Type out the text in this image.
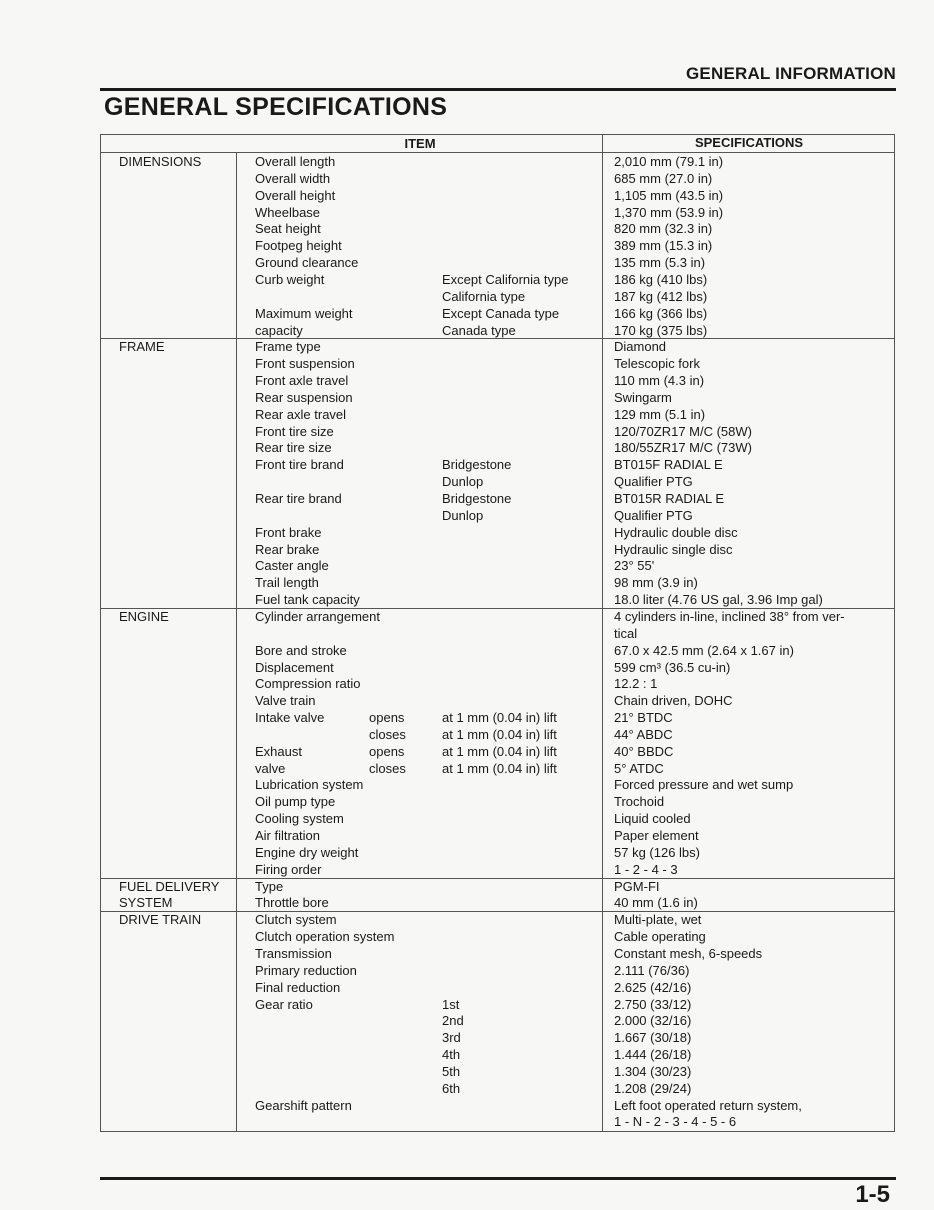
GENERAL INFORMATION
GENERAL SPECIFICATIONS
ITEM	SPECIFICATIONS
DIMENSIONS	Overall length	2,010 mm (79.1 in)
Overall width	685 mm (27.0 in)
Overall height	1,105 mm (43.5 in)
Wheelbase	1,370 mm (53.9 in)
Seat height	820 mm (32.3 in)
Footpeg height	389 mm (15.3 in)
Ground clearance	135 mm (5.3 in)
Curb weight	Except California type	186 kg (410 lbs)
California type	187 kg (412 lbs)
Maximum weight	Except Canada type	166 kg (366 lbs)
capacity	Canada type	170 kg (375 lbs)
FRAME	Frame type	Diamond
Front suspension	Telescopic fork
Front axle travel	110 mm (4.3 in)
Rear suspension	Swingarm
Rear axle travel	129 mm (5.1 in)
Front tire size	120/70ZR17 M/C (58W)
Rear tire size	180/55ZR17 M/C (73W)
Front tire brand	Bridgestone	BT015F RADIAL E
Dunlop	Qualifier PTG
Rear tire brand	Bridgestone	BT015R RADIAL E
Dunlop	Qualifier PTG
Front brake	Hydraulic double disc
Rear brake	Hydraulic single disc
Caster angle	23° 55'
Trail length	98 mm (3.9 in)
Fuel tank capacity	18.0 liter (4.76 US gal, 3.96 Imp gal)
ENGINE	Cylinder arrangement	4 cylinders in-line, inclined 38° from ver-
tical
Bore and stroke	67.0 x 42.5 mm (2.64 x 1.67 in)
Displacement	599 cm³ (36.5 cu-in)
Compression ratio	12.2 : 1
Valve train	Chain driven, DOHC
Intake valve	opens	at 1 mm (0.04 in) lift	21° BTDC
closes	at 1 mm (0.04 in) lift	44° ABDC
Exhaust	opens	at 1 mm (0.04 in) lift	40° BBDC
valve	closes	at 1 mm (0.04 in) lift	5° ATDC
Lubrication system	Forced pressure and wet sump
Oil pump type	Trochoid
Cooling system	Liquid cooled
Air filtration	Paper element
Engine dry weight	57 kg (126 lbs)
Firing order	1 - 2 - 4 - 3
FUEL DELIVERY
SYSTEM
Type	PGM-FI
Throttle bore	40 mm (1.6 in)
DRIVE TRAIN	Clutch system	Multi-plate, wet
Clutch operation system	Cable operating
Transmission	Constant mesh, 6-speeds
Primary reduction	2.111 (76/36)
Final reduction	2.625 (42/16)
Gear ratio	1st	2.750 (33/12)
2nd	2.000 (32/16)
3rd	1.667 (30/18)
4th	1.444 (26/18)
5th	1.304 (30/23)
6th	1.208 (29/24)
Gearshift pattern	Left foot operated return system,
1 - N - 2 - 3 - 4 - 5 - 6
1-5
